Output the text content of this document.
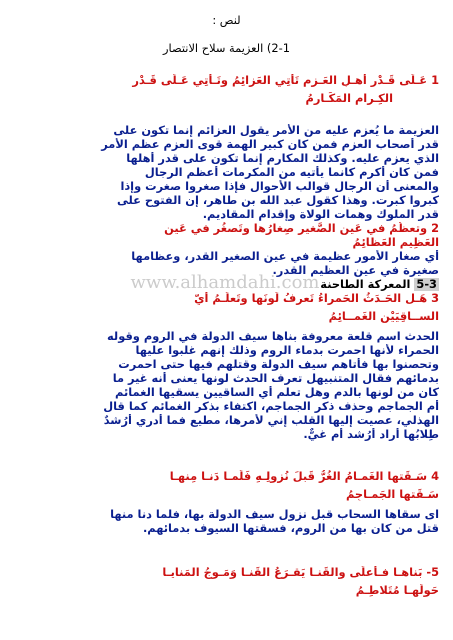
لنص :
2-1) العزيمة سلاح الانتصار
1 عَـلَى قَـدْرِ أَهـلِ العَـزم تَأتِي العَزائِمُ وتَـأتِي عَـلَى قَـدْرِ
الكِـرامِ المَكَـارِمُ
العزيمة ما يُعزم عليه من الأمر يقول العزائم إنما تكون على
قدر أصحاب العزم فمن كان كبير الهمة قوى العزم عظم الأمر
الذي يعزم عليه. وكذلك المكارم إنما تكون على قدر أهلها
فمن كان أكرم كانما يأتيه من المكرمات أعظم الرجال
والمعنى أن الرجال قوالب الأحوال فإذا صغروا صغرت وإذا
كبروا كبرت. وهذا كقول عبد الله بن طاهر، إن الفتوح على
قدر الملوك وهمات الولاة وإقدام المقاديم.
2 وتعظُمُ في عَينِ الصَّغيرِ صِغارُها وتَصغُر في عَينِ
العَظِيمِ العَظائِمُ
أي صغار الأمور عظيمة في عين الصغير القدر، وعظامها
صغيرة في عين العظيم القدر.
5-3 المعركة الطاحنة
www.alhamdahi.com
3 هَـل الحَـدَثُ الحَمراءُ تَعرِفُ لَونَها وتَعلَـمُ أيّ
الســاقِيَيْنِ الغَمــائِمُ
الحدث اسم قلعة معروفة بناها سيف الدولة في الروم وقوله
الحمراء لأنها احمرت بدماء الروم وذلك إنهم غلبوا عليها
وتحصنوا بها فأتاهم سيف الدولة وقتلهم فيها حتى احمرت
بدمائهم فقال المتنبيهل تعرف الحدث لونها يعنى أنه غير ما
كان من لونها بالدم وهل تعلم أي الساقيين يسقيها الغمائم
أم الجماجم وحذف ذكر الجماجم، اكتفاء بذكر الغمائم كما قال
الهذلي، عصيت إليها القلب إني لأمرها، مطيع فما أدري أرُشدٌ
طِلابُها أراد أرُشد أم غيٌّ.
4 سَـقَتها الغَمـامُ الغُرُّ قَبلَ نُزولِـهِ فَلَمـا دَنـا مِنهـا
سَـقَتها الجَمـاجِمُ
اى سقاها السحاب قبل نزول سيف الدولة بها، فلما دنا منها
قتل من كان بها من الروم، فسقتها السيوف بدمائهم.
5- بَناهـا فـأَعلَى والقَنـا يَقـرَعُ القَنـا وَمَـوجُ المَنايـا
حَولَهـا مُتَلاطِـمُ
